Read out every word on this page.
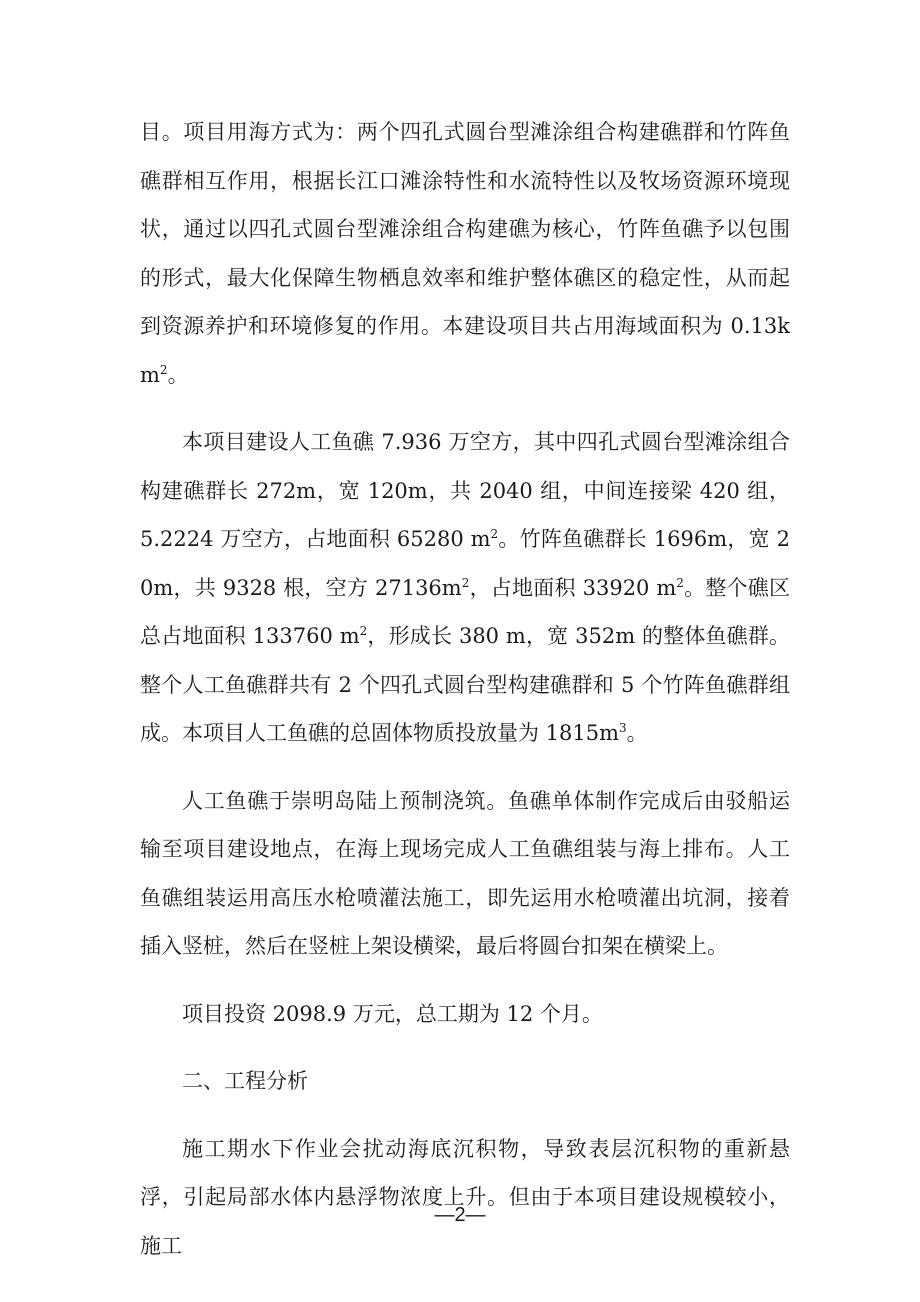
目。项目用海方式为：两个四孔式圆台型滩涂组合构建礁群和竹阵鱼礁群相互作用，根据长江口滩涂特性和水流特性以及牧场资源环境现状，通过以四孔式圆台型滩涂组合构建礁为核心，竹阵鱼礁予以包围的形式，最大化保障生物栖息效率和维护整体礁区的稳定性，从而起到资源养护和环境修复的作用。本建设项目共占用海域面积为 $0.13km^2$。

本项目建设人工鱼礁 7.936 万空方，其中四孔式圆台型滩涂组合构建礁群长 272m，宽 120m，共 2040 组，中间连接梁 420 组，5.2224 万空方，占地面积 65280 $m^2$。竹阵鱼礁群长 1696m，宽 20m，共 9328 根，空方 $27136m^2$，占地面积 33920 $m^2$。整个礁区总占地面积 133760 $m^2$，形成长 380 m，宽 352m 的整体鱼礁群。整个人工鱼礁群共有 2 个四孔式圆台型构建礁群和 5 个竹阵鱼礁群组成。本项目人工鱼礁的总固体物质投放量为 $1815m^3$。

人工鱼礁于崇明岛陆上预制浇筑。鱼礁单体制作完成后由驳船运输至项目建设地点，在海上现场完成人工鱼礁组装与海上排布。人工鱼礁组装运用高压水枪喷灌法施工，即先运用水枪喷灌出坑洞，接着插入竖桩，然后在竖桩上架设横梁，最后将圆台扣架在横梁上。

项目投资 2098.9 万元，总工期为 12 个月。

二、工程分析

施工期水下作业会扰动海底沉积物，导致表层沉积物的重新悬浮，引起局部水体内悬浮物浓度上升。但由于本项目建设规模较小，施工

—2—
